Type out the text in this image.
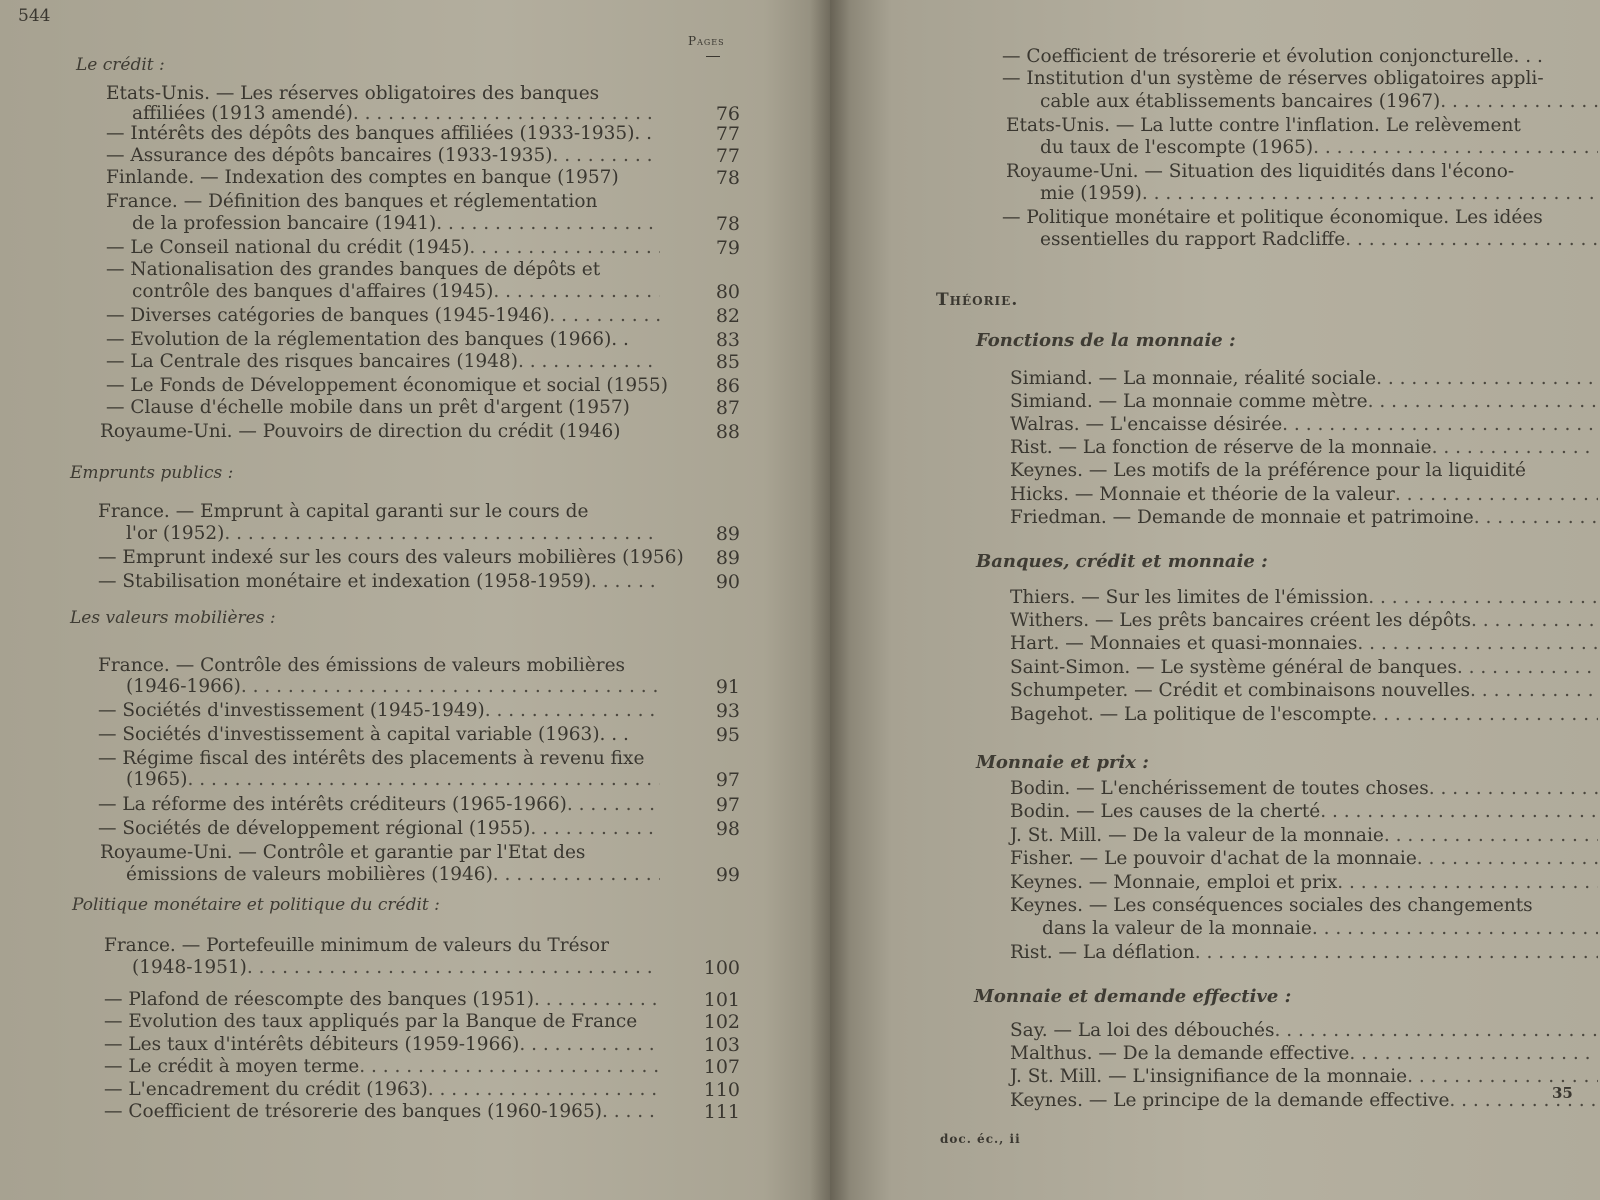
544
Pages
Le crédit :
Emprunts publics :
Les valeurs mobilières :
Politique monétaire et politique du crédit :
Etats-Unis. — Les réserves obligatoires des banques
affiliées (1913 amendé) . . .	76
— Intérêts des dépôts des banques affiliées (1933-1935). .	77
— Assurance des dépôts bancaires (1933-1935) . . .	77
Finlande. — Indexation des comptes en banque (1957)	78
France. — Définition des banques et réglementation
de la profession bancaire (1941) . . .	78
— Le Conseil national du crédit (1945) . . .	79
— Nationalisation des grandes banques de dépôts et
contrôle des banques d'affaires (1945) . . .	80
— Diverses catégories de banques (1945-1946) . . .	82
— Evolution de la réglementation des banques (1966). .	83
— La Centrale des risques bancaires (1948) . . .	85
— Le Fonds de Développement économique et social (1955)	86
— Clause d'échelle mobile dans un prêt d'argent (1957)	87
Royaume-Uni. — Pouvoirs de direction du crédit (1946)	88
France. — Emprunt à capital garanti sur le cours de
l'or (1952) . . .	89
— Emprunt indexé sur les cours des valeurs mobilières (1956)	89
— Stabilisation monétaire et indexation (1958-1959) . . .	90
France. — Contrôle des émissions de valeurs mobilières
(1946-1966) . . .	91
— Sociétés d'investissement (1945-1949) . . .	93
— Sociétés d'investissement à capital variable (1963). . .	95
— Régime fiscal des intérêts des placements à revenu fixe
(1965) . . .	97
— La réforme des intérêts créditeurs (1965-1966) . . .	97
— Sociétés de développement régional (1955) . . .	98
Royaume-Uni. — Contrôle et garantie par l'Etat des
émissions de valeurs mobilières (1946) . . .	99
France. — Portefeuille minimum de valeurs du Trésor
(1948-1951) . . .	100
— Plafond de réescompte des banques (1951) . . .	101
— Evolution des taux appliqués par la Banque de France	102
— Les taux d'intérêts débiteurs (1959-1966) . . .	103
— Le crédit à moyen terme . . .	107
— L'encadrement du crédit (1963) . . .	110
— Coefficient de trésorerie des banques (1960-1965) . . .	111
Fonctions de la monnaie :
Banques, crédit et monnaie :
Monnaie et prix :
Monnaie et demande effective :
— Coefficient de trésorerie et évolution conjoncturelle. . .
— Institution d'un système de réserves obligatoires appli-
cable aux établissements bancaires (1967)
. . .
Etats-Unis. — La lutte contre l'inflation. Le relèvement
du taux de l'escompte (1965)
. . .
Royaume-Uni. — Situation des liquidités dans l'écono-
mie (1959)
. . .
— Politique monétaire et politique économique. Les idées
essentielles du rapport Radcliffe
. . .
Simiand. — La monnaie, réalité sociale
. . .
Simiand. — La monnaie comme mètre
. . .
Walras. — L'encaisse désirée
. . .
Rist. — La fonction de réserve de la monnaie
. . .
Keynes. — Les motifs de la préférence pour la liquidité
Hicks. — Monnaie et théorie de la valeur
. . .
Friedman. — Demande de monnaie et patrimoine
. . .
Thiers. — Sur les limites de l'émission
. . .
Withers. — Les prêts bancaires créent les dépôts
. . .
Hart. — Monnaies et quasi-monnaies
. . .
Saint-Simon. — Le système général de banques
. . .
Schumpeter. — Crédit et combinaisons nouvelles
. . .
Bagehot. — La politique de l'escompte
. . .
Bodin. — L'enchérissement de toutes choses
. . .
Bodin. — Les causes de la cherté
. . .
J. St. Mill. — De la valeur de la monnaie
. . .
Fisher. — Le pouvoir d'achat de la monnaie
. . .
Keynes. — Monnaie, emploi et prix
. . .
Keynes. — Les conséquences sociales des changements
dans la valeur de la monnaie
. . .
Rist. — La déflation
. . .
Say. — La loi des débouchés
. . .
Malthus. — De la demande effective
. . .
J. St. Mill. — L'insignifiance de la monnaie
. . .
Keynes. — Le principe de la demande effective
. . .
Théorie.
doc. éc., ii
35
